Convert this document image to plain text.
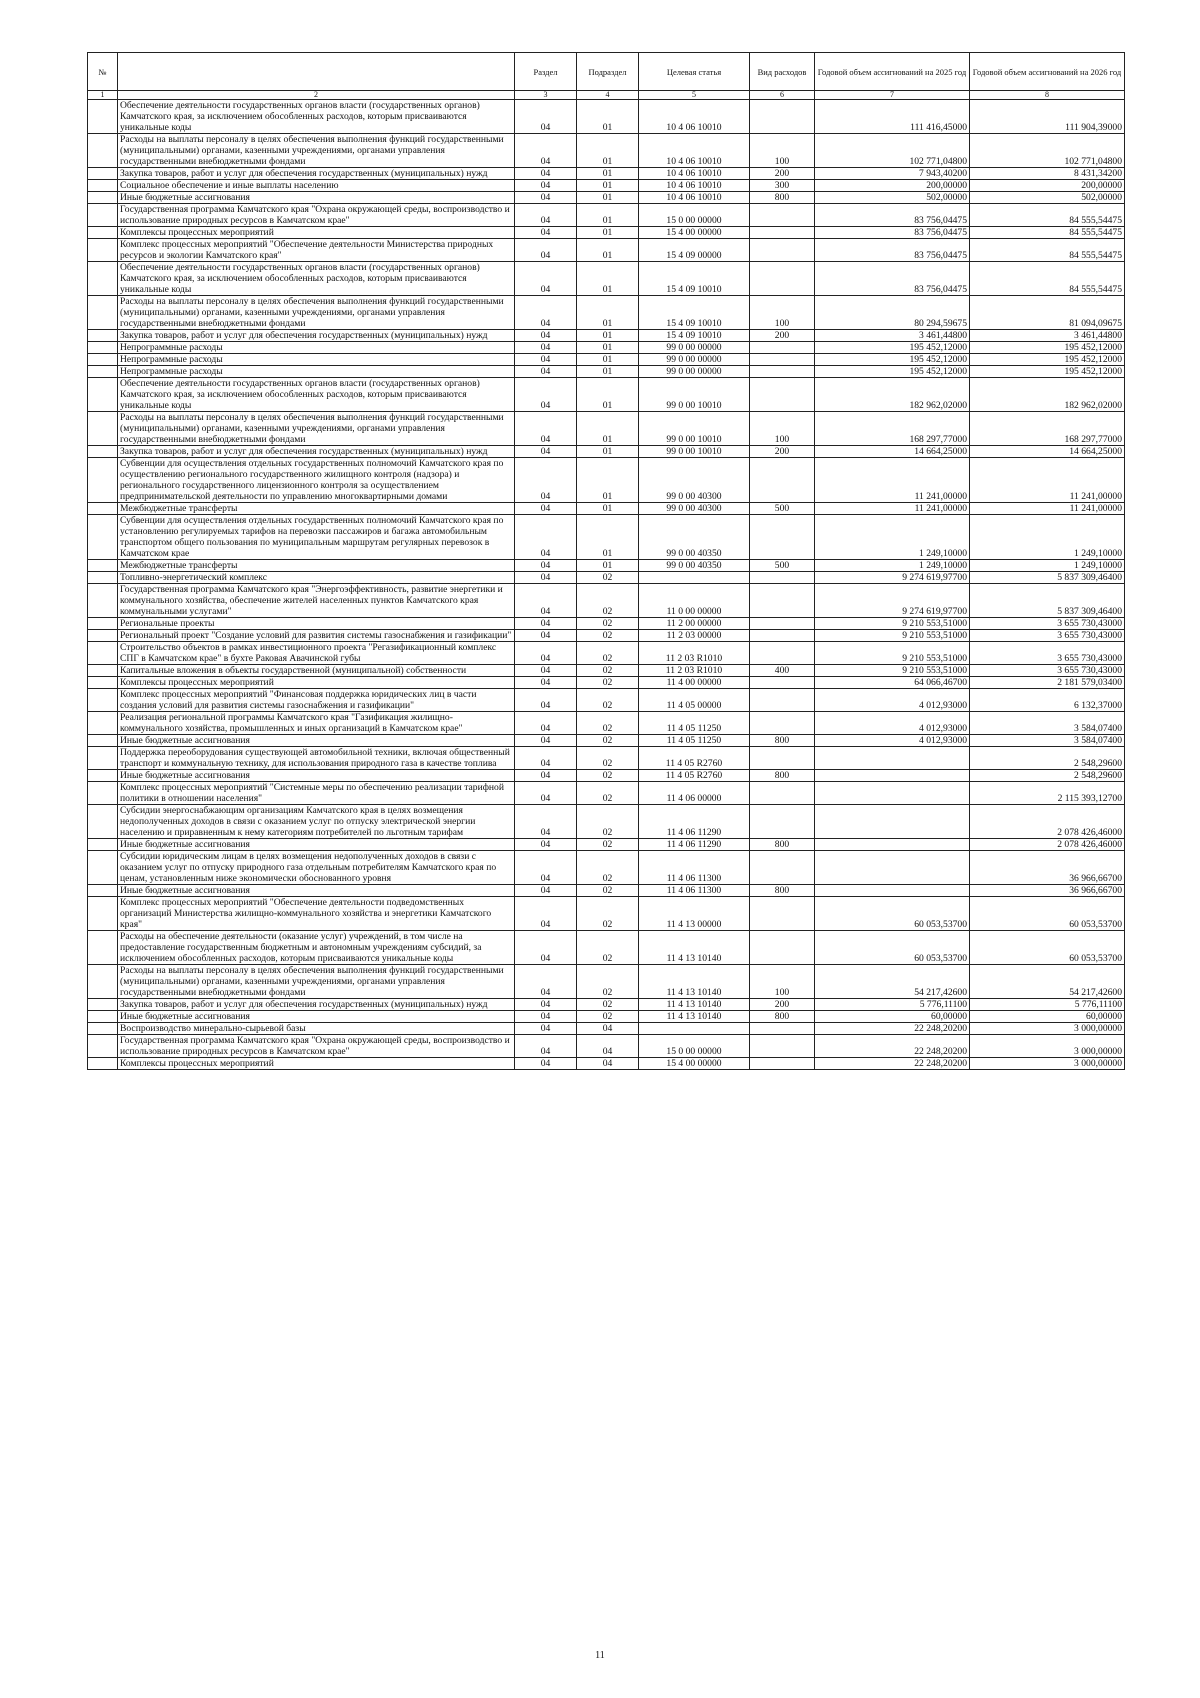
№		Раздел	Подраздел	Целевая статья	Вид расходов	Годовой объем ассигнований на 2025 год	Годовой объем ассигнований на 2026 год
1	2	3	4	5	6	7	8
	Обеспечение деятельности государственных органов власти (государственных органов) Камчатского края, за исключением обособленных расходов, которым присваиваются уникальные коды	04	01	10 4 06 10010		111 416,45000	111 904,39000
	Расходы на выплаты персоналу в целях обеспечения выполнения функций государственными (муниципальными) органами, казенными учреждениями, органами управления государственными внебюджетными фондами	04	01	10 4 06 10010	100	102 771,04800	102 771,04800
	Закупка товаров, работ и услуг для обеспечения государственных (муниципальных) нужд	04	01	10 4 06 10010	200	7 943,40200	8 431,34200
	Социальное обеспечение и иные выплаты населению	04	01	10 4 06 10010	300	200,00000	200,00000
	Иные бюджетные ассигнования	04	01	10 4 06 10010	800	502,00000	502,00000
	Государственная программа Камчатского края "Охрана окружающей среды, воспроизводство и использование природных ресурсов в Камчатском крае"	04	01	15 0 00 00000		83 756,04475	84 555,54475
	Комплексы процессных мероприятий	04	01	15 4 00 00000		83 756,04475	84 555,54475
	Комплекс процессных мероприятий "Обеспечение деятельности Министерства природных ресурсов и экологии Камчатского края"	04	01	15 4 09 00000		83 756,04475	84 555,54475
	Обеспечение деятельности государственных органов власти (государственных органов) Камчатского края, за исключением обособленных расходов, которым присваиваются уникальные коды	04	01	15 4 09 10010		83 756,04475	84 555,54475
	Расходы на выплаты персоналу в целях обеспечения выполнения функций государственными (муниципальными) органами, казенными учреждениями, органами управления государственными внебюджетными фондами	04	01	15 4 09 10010	100	80 294,59675	81 094,09675
	Закупка товаров, работ и услуг для обеспечения государственных (муниципальных) нужд	04	01	15 4 09 10010	200	3 461,44800	3 461,44800
	Непрограммные расходы	04	01	99 0 00 00000		195 452,12000	195 452,12000
	Непрограммные расходы	04	01	99 0 00 00000		195 452,12000	195 452,12000
	Непрограммные расходы	04	01	99 0 00 00000		195 452,12000	195 452,12000
	Обеспечение деятельности государственных органов власти (государственных органов) Камчатского края, за исключением обособленных расходов, которым присваиваются уникальные коды	04	01	99 0 00 10010		182 962,02000	182 962,02000
	Расходы на выплаты персоналу в целях обеспечения выполнения функций государственными (муниципальными) органами, казенными учреждениями, органами управления государственными внебюджетными фондами	04	01	99 0 00 10010	100	168 297,77000	168 297,77000
	Закупка товаров, работ и услуг для обеспечения государственных (муниципальных) нужд	04	01	99 0 00 10010	200	14 664,25000	14 664,25000
	Субвенции для осуществления отдельных государственных полномочий Камчатского края по осуществлению регионального государственного жилищного контроля (надзора) и регионального государственного лицензионного контроля за осуществлением предпринимательской деятельности по управлению многоквартирными домами	04	01	99 0 00 40300		11 241,00000	11 241,00000
	Межбюджетные трансферты	04	01	99 0 00 40300	500	11 241,00000	11 241,00000
	Субвенции для осуществления отдельных государственных полномочий Камчатского края по установлению регулируемых тарифов на перевозки пассажиров и багажа автомобильным транспортом общего пользования по муниципальным маршрутам регулярных перевозок в Камчатском крае	04	01	99 0 00 40350		1 249,10000	1 249,10000
	Межбюджетные трансферты	04	01	99 0 00 40350	500	1 249,10000	1 249,10000
	Топливно-энергетический комплекс	04	02			9 274 619,97700	5 837 309,46400
	Государственная программа Камчатского края "Энергоэффективность, развитие энергетики и коммунального хозяйства, обеспечение жителей населенных пунктов Камчатского края коммунальными услугами"	04	02	11 0 00 00000		9 274 619,97700	5 837 309,46400
	Региональные проекты	04	02	11 2 00 00000		9 210 553,51000	3 655 730,43000
	Региональный проект "Создание условий для развития системы газоснабжения и газификации"	04	02	11 2 03 00000		9 210 553,51000	3 655 730,43000
	Строительство объектов в рамках инвестиционного проекта "Регазификационный комплекс СПГ в Камчатском крае" в бухте Раковая Авачинской губы	04	02	11 2 03 R1010		9 210 553,51000	3 655 730,43000
	Капитальные вложения в объекты государственной (муниципальной) собственности	04	02	11 2 03 R1010	400	9 210 553,51000	3 655 730,43000
	Комплексы процессных мероприятий	04	02	11 4 00 00000		64 066,46700	2 181 579,03400
	Комплекс процессных мероприятий "Финансовая поддержка юридических лиц в части создания условий для развития системы газоснабжения и газификации"	04	02	11 4 05 00000		4 012,93000	6 132,37000
	Реализация региональной программы Камчатского края "Газификация жилищно-коммунального хозяйства, промышленных и иных организаций в Камчатском крае"	04	02	11 4 05 11250		4 012,93000	3 584,07400
	Иные бюджетные ассигнования	04	02	11 4 05 11250	800	4 012,93000	3 584,07400
	Поддержка переоборудования существующей автомобильной техники, включая общественный транспорт и коммунальную технику, для использования природного газа в качестве топлива	04	02	11 4 05 R2760			2 548,29600
	Иные бюджетные ассигнования	04	02	11 4 05 R2760	800		2 548,29600
	Комплекс процессных мероприятий "Системные меры по обеспечению реализации тарифной политики в отношении населения"	04	02	11 4 06 00000			2 115 393,12700
	Субсидии энергоснабжающим организациям Камчатского края в целях возмещения недополученных доходов в связи с оказанием услуг по отпуску электрической энергии населению и приравненным к нему категориям потребителей по льготным тарифам	04	02	11 4 06 11290			2 078 426,46000
	Иные бюджетные ассигнования	04	02	11 4 06 11290	800		2 078 426,46000
	Субсидии юридическим лицам в целях возмещения недополученных доходов в связи с оказанием услуг по отпуску природного газа отдельным потребителям Камчатского края по ценам, установленным ниже экономически обоснованного уровня	04	02	11 4 06 11300			36 966,66700
	Иные бюджетные ассигнования	04	02	11 4 06 11300	800		36 966,66700
	Комплекс процессных мероприятий "Обеспечение деятельности подведомственных организаций Министерства жилищно-коммунального хозяйства и энергетики Камчатского края"	04	02	11 4 13 00000		60 053,53700	60 053,53700
	Расходы на обеспечение деятельности (оказание услуг) учреждений, в том числе на предоставление государственным бюджетным и автономным учреждениям субсидий, за исключением обособленных расходов, которым присваиваются уникальные коды	04	02	11 4 13 10140		60 053,53700	60 053,53700
	Расходы на выплаты персоналу в целях обеспечения выполнения функций государственными (муниципальными) органами, казенными учреждениями, органами управления государственными внебюджетными фондами	04	02	11 4 13 10140	100	54 217,42600	54 217,42600
	Закупка товаров, работ и услуг для обеспечения государственных (муниципальных) нужд	04	02	11 4 13 10140	200	5 776,11100	5 776,11100
	Иные бюджетные ассигнования	04	02	11 4 13 10140	800	60,00000	60,00000
	Воспроизводство минерально-сырьевой базы	04	04			22 248,20200	3 000,00000
	Государственная программа Камчатского края "Охрана окружающей среды, воспроизводство и использование природных ресурсов в Камчатском крае"	04	04	15 0 00 00000		22 248,20200	3 000,00000
	Комплексы процессных мероприятий	04	04	15 4 00 00000		22 248,20200	3 000,00000
11
